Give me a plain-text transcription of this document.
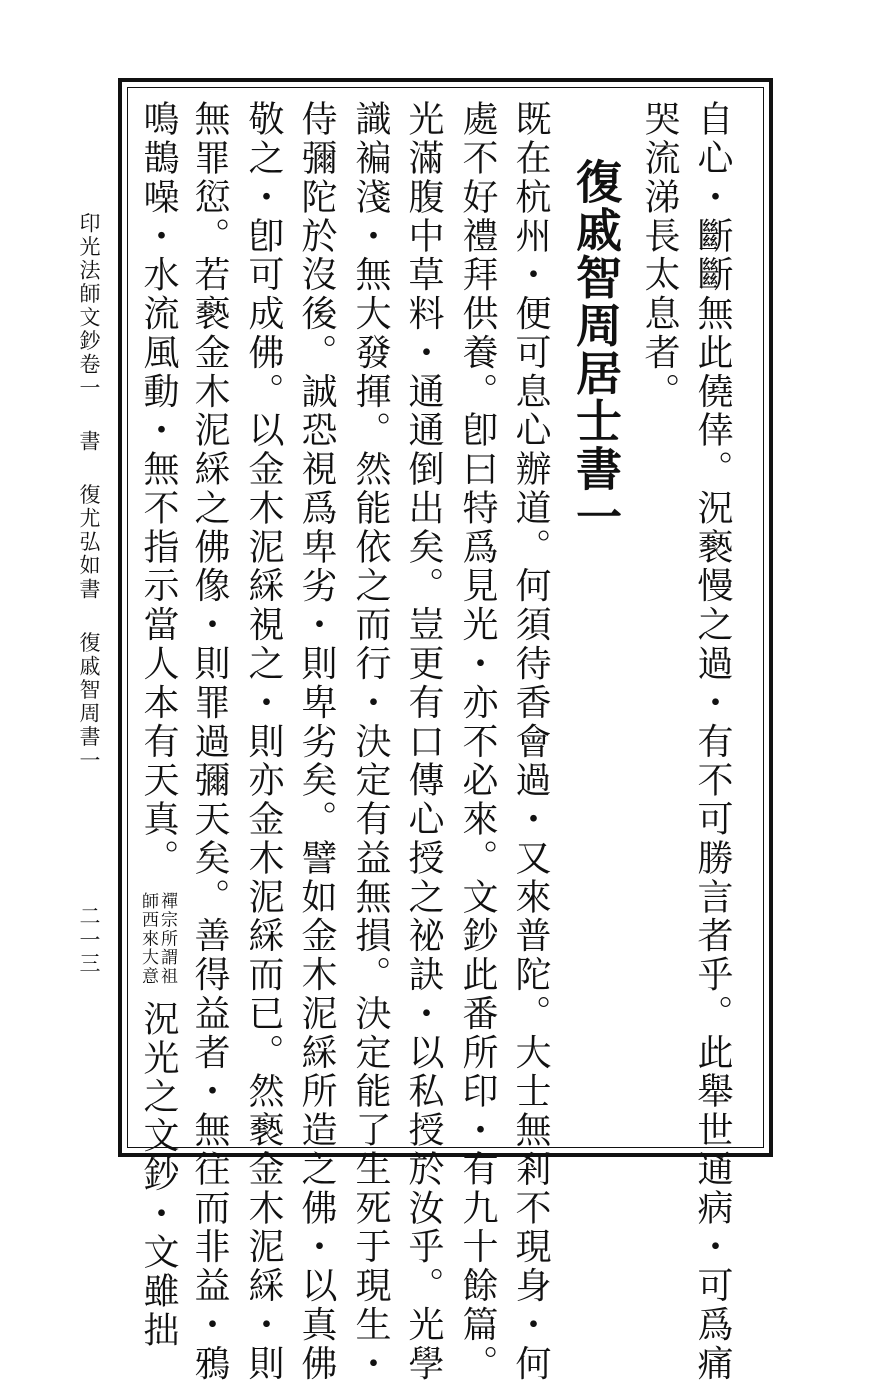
自心・斷斷無此僥倖。況褻慢之過・有不可勝言者乎。此舉世通病・可爲痛
哭流涕長太息者。
復戚智周居士書一
既在杭州・便可息心辦道。何須待香會過・又來普陀。大士無剎不現身・何
處不好禮拜供養。卽曰特爲見光・亦不必來。文鈔此番所印・有九十餘篇。
光滿腹中草料・通通倒出矣。豈更有口傳心授之祕訣・以私授於汝乎。光學
識褊淺・無大發揮。然能依之而行・決定有益無損。決定能了生死于現生・
侍彌陀於沒後。誠恐視爲卑劣・則卑劣矣。譬如金木泥綵所造之佛・以真佛
敬之・卽可成佛。以金木泥綵視之・則亦金木泥綵而已。然褻金木泥綵・則
無罪愆。若褻金木泥綵之佛像・則罪過彌天矣。善得益者・無往而非益・鴉
鳴鵲噪・水流風動・無不指示當人本有天真。
禪宗所謂祖
師西來大意
況光之文鈔・文雖拙
印光法師文鈔卷一書復尤弘如書復戚智周書一
二一三
